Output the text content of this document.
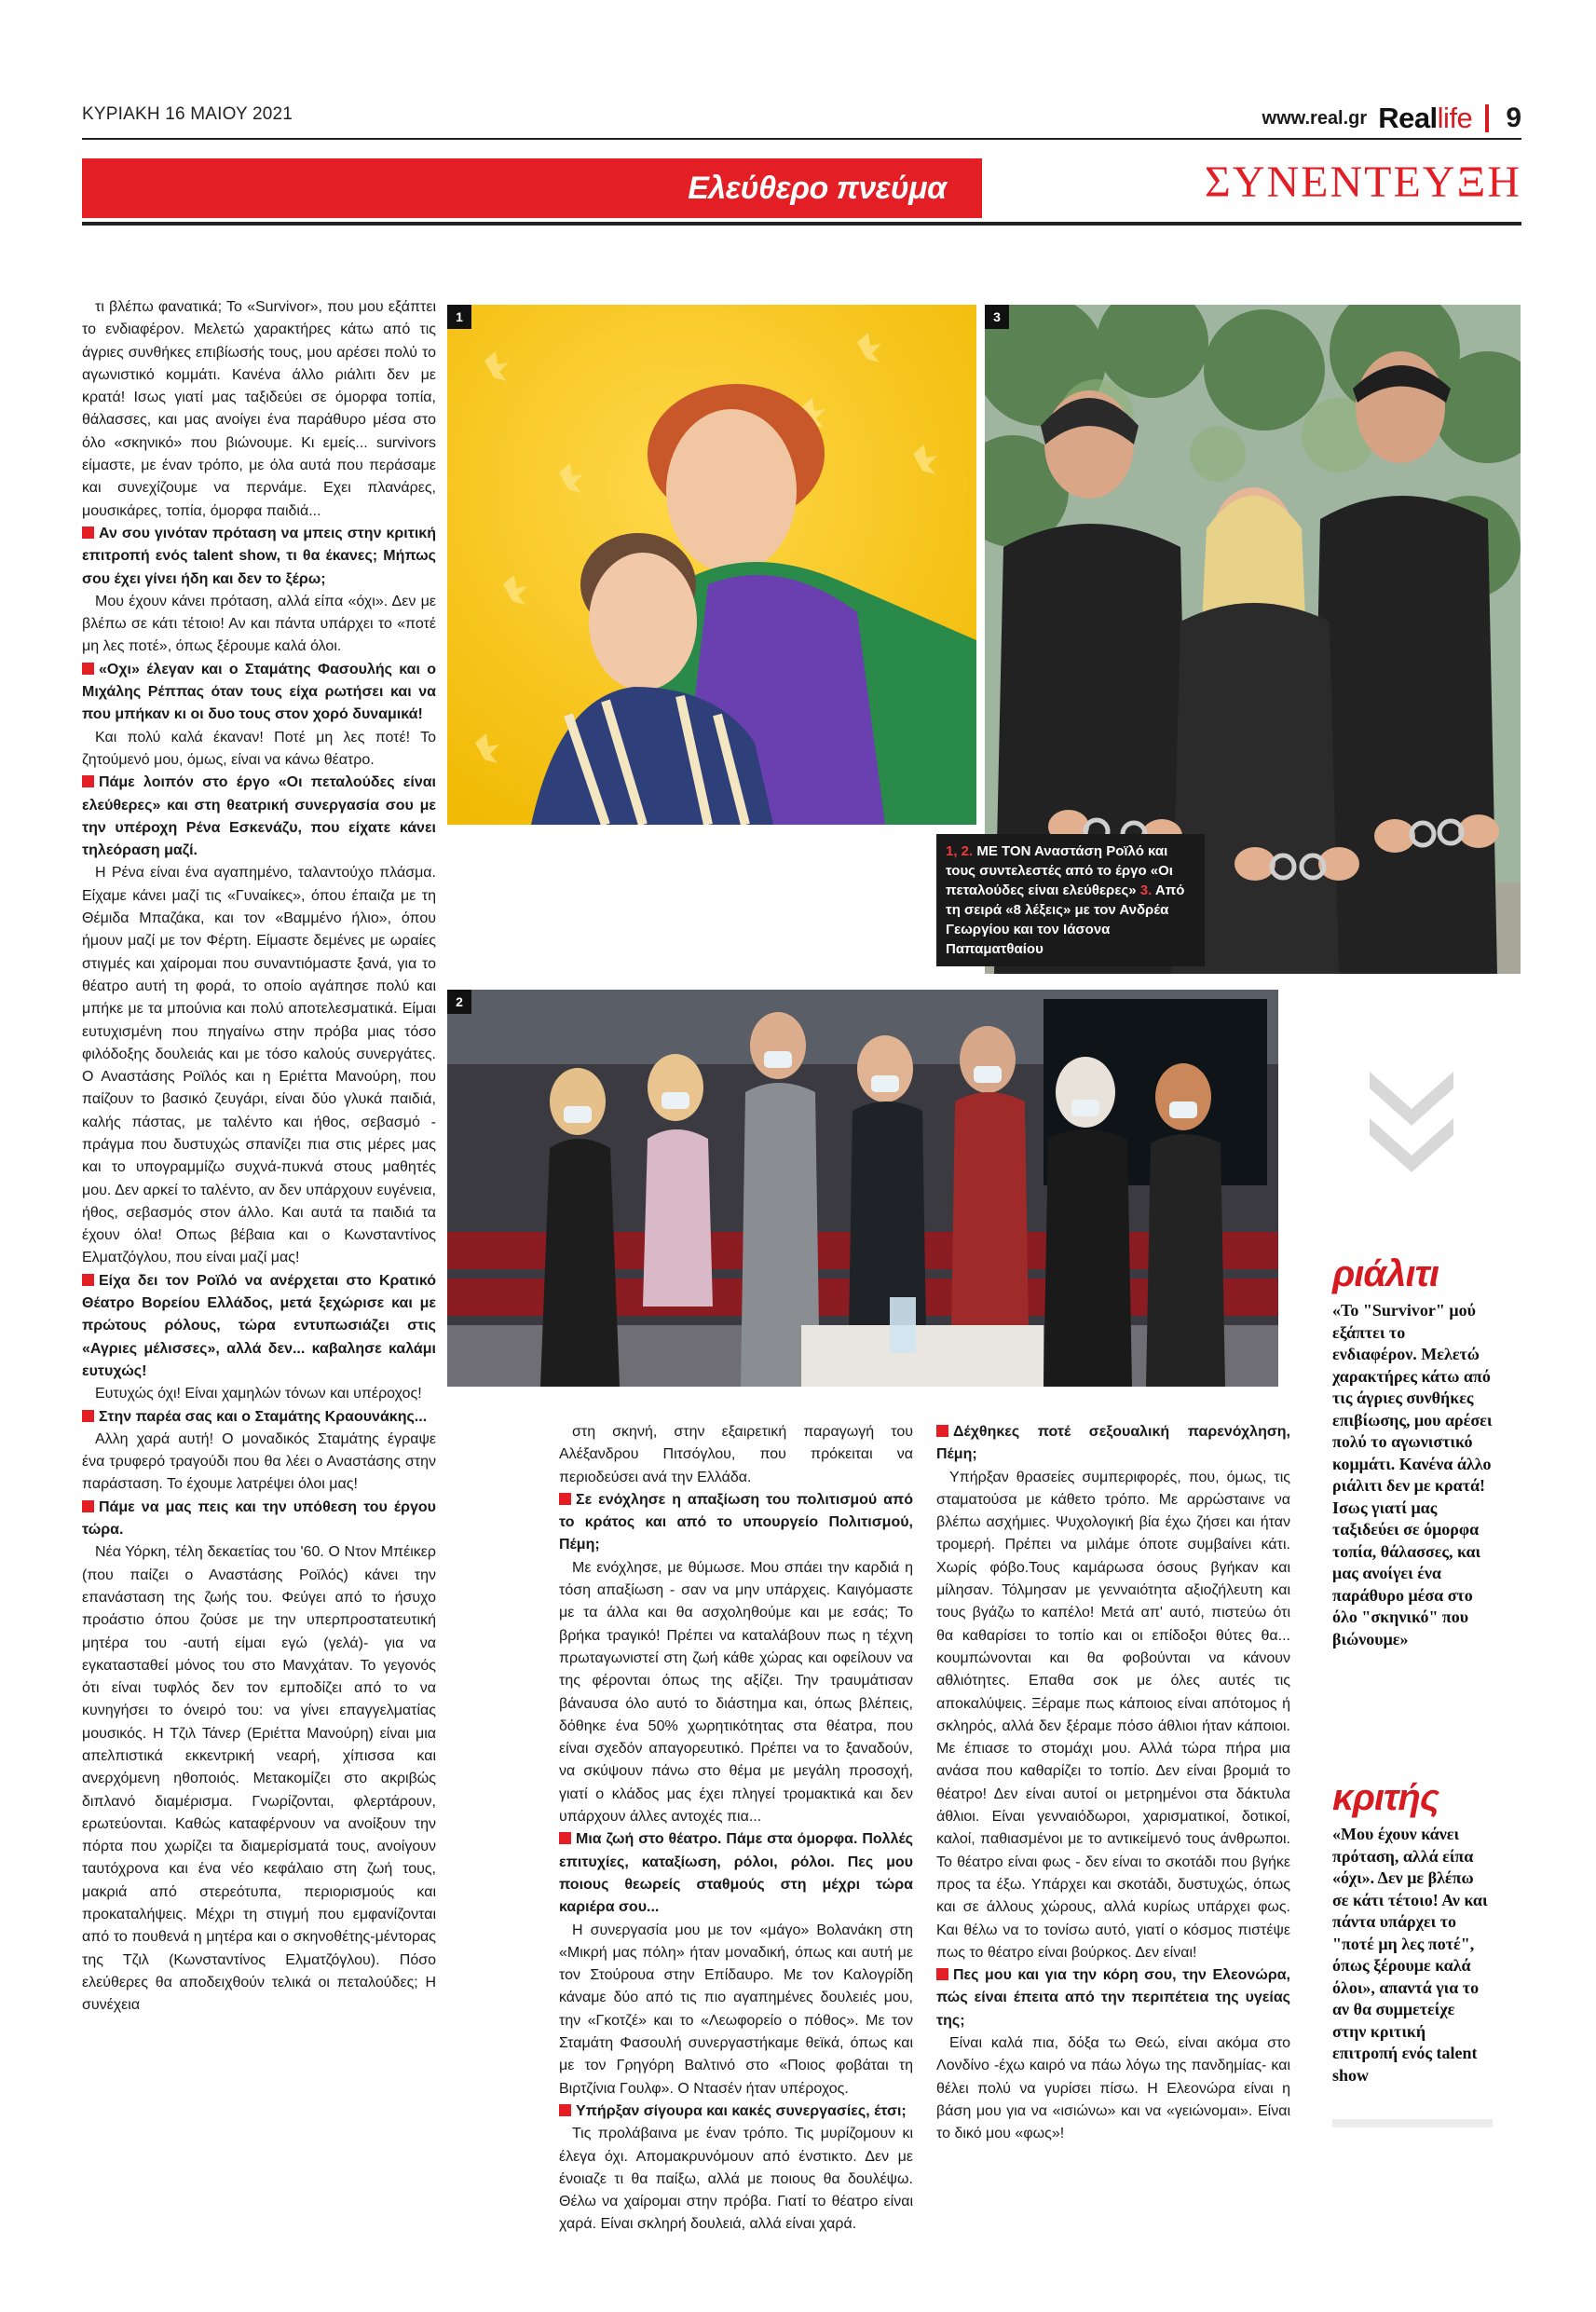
ΚΥΡΙΑΚΗ 16 ΜΑΙΟΥ 2021	www.real.gr Reallife 9
Ελεύθερο πνεύμα	ΣΥΝΕΝΤΕΥΞΗ
1	3
1, 2. ΜΕ ΤΟΝ Αναστάση Ροϊλό και τους συντελεστές από το έργο «Οι πεταλούδες είναι ελεύθερες» 3. Από τη σειρά «8 λέξεις» με τον Ανδρέα Γεωργίου και τον Ιάσονα Παπαματθαίου
2

τι βλέπω φανατικά; Το «Survivor», που μου εξάπτει το ενδιαφέρον. Μελετώ χαρακτήρες κάτω από τις άγριες συνθήκες επιβίωσής τους, μου αρέσει πολύ το αγωνιστικό κομμάτι. Κανένα άλλο ριάλιτι δεν με κρατά! Ισως γιατί μας ταξιδεύει σε όμορφα τοπία, θάλασσες, και μας ανοίγει ένα παράθυρο μέσα στο όλο «σκηνικό» που βιώνουμε. Κι εμείς... survivors είμαστε, με έναν τρόπο, με όλα αυτά που περάσαμε και συνεχίζουμε να περνάμε. Εχει πλανάρες, μουσικάρες, τοπία, όμορφα παιδιά...

Αν σου γινόταν πρόταση να μπεις στην κριτική επιτροπή ενός talent show, τι θα έκανες; Μήπως σου έχει γίνει ήδη και δεν το ξέρω;

Μου έχουν κάνει πρόταση, αλλά είπα «όχι». Δεν με βλέπω σε κάτι τέτοιο! Αν και πάντα υπάρχει το «ποτέ μη λες ποτέ», όπως ξέρουμε καλά όλοι.

«Οχι» έλεγαν και ο Σταμάτης Φασουλής και ο Μιχάλης Ρέππας όταν τους είχα ρωτήσει και να που μπήκαν κι οι δυο τους στον χορό δυναμικά!

Και πολύ καλά έκαναν! Ποτέ μη λες ποτέ! Το ζητούμενό μου, όμως, είναι να κάνω θέατρο.

Πάμε λοιπόν στο έργο «Οι πεταλούδες είναι ελεύθερες» και στη θεατρική συνεργασία σου με την υπέροχη Ρένα Εσκενάζυ, που είχατε κάνει τηλεόραση μαζί.

Η Ρένα είναι ένα αγαπημένο, ταλαντούχο πλάσμα. Είχαμε κάνει μαζί τις «Γυναίκες», όπου έπαιζα με τη Θέμιδα Μπαζάκα, και τον «Βαμμένο ήλιο», όπου ήμουν μαζί με τον Φέρτη. Είμαστε δεμένες με ωραίες στιγμές και χαίρομαι που συναντιόμαστε ξανά, για το θέατρο αυτή τη φορά, το οποίο αγάπησε πολύ και μπήκε με τα μπούνια και πολύ αποτελεσματικά. Είμαι ευτυχισμένη που πηγαίνω στην πρόβα μιας τόσο φιλόδοξης δουλειάς και με τόσο καλούς συνεργάτες. Ο Αναστάσης Ροϊλός και η Εριέττα Μανούρη, που παίζουν το βασικό ζευγάρι, είναι δύο γλυκά παιδιά, καλής πάστας, με ταλέντο και ήθος, σεβασμό - πράγμα που δυστυχώς σπανίζει πια στις μέρες μας και το υπογραμμίζω συχνά-πυκνά στους μαθητές μου. Δεν αρκεί το ταλέντο, αν δεν υπάρχουν ευγένεια, ήθος, σεβασμός στον άλλο. Και αυτά τα παιδιά τα έχουν όλα! Οπως βέβαια και ο Κωνσταντίνος Ελματζόγλου, που είναι μαζί μας!

Είχα δει τον Ροϊλό να ανέρχεται στο Κρατικό Θέατρο Βορείου Ελλάδος, μετά ξεχώρισε και με πρώτους ρόλους, τώρα εντυπωσιάζει στις «Αγριες μέλισσες», αλλά δεν... καβαλησε καλάμι ευτυχώς!

Ευτυχώς όχι! Είναι χαμηλών τόνων και υπέροχος!

Στην παρέα σας και ο Σταμάτης Κραουνάκης...

Αλλη χαρά αυτή! Ο μοναδικός Σταμάτης έγραψε ένα τρυφερό τραγούδι που θα λέει ο Αναστάσης στην παράσταση. Το έχουμε λατρέψει όλοι μας!

Πάμε να μας πεις και την υπόθεση του έργου τώρα.

Νέα Υόρκη, τέλη δεκαετίας του '60. Ο Ντον Μπέικερ (που παίζει ο Αναστάσης Ροϊλός) κάνει την επανάσταση της ζωής του. Φεύγει από το ήσυχο προάστιο όπου ζούσε με την υπερπροστατευτική μητέρα του -αυτή είμαι εγώ (γελά)- για να εγκατασταθεί μόνος του στο Μανχάταν. Το γεγονός ότι είναι τυφλός δεν τον εμποδίζει από το να κυνηγήσει το όνειρό του: να γίνει επαγγελματίας μουσικός. Η Τζιλ Τάνερ (Εριέττα Μανούρη) είναι μια απελπιστικά εκκεντρική νεαρή, χίπισσα και ανερχόμενη ηθοποιός. Μετακομίζει στο ακριβώς διπλανό διαμέρισμα. Γνωρίζονται, φλερτάρουν, ερωτεύονται. Καθώς καταφέρνουν να ανοίξουν την πόρτα που χωρίζει τα διαμερίσματά τους, ανοίγουν ταυτόχρονα και ένα νέο κεφάλαιο στη ζωή τους, μακριά από στερεότυπα, περιορισμούς και προκαταλήψεις. Μέχρι τη στιγμή που εμφανίζονται από το πουθενά η μητέρα και ο σκηνοθέτης-μέντορας της Τζιλ (Κωνσταντίνος Ελματζόγλου). Πόσο ελεύθερες θα αποδειχθούν τελικά οι πεταλούδες; Η συνέχεια

στη σκηνή, στην εξαιρετική παραγωγή του Αλέξανδρου Πιτσόγλου, που πρόκειται να περιοδεύσει ανά την Ελλάδα.

Σε ενόχλησε η απαξίωση του πολιτισμού από το κράτος και από το υπουργείο Πολιτισμού, Πέμη;

Με ενόχλησε, με θύμωσε. Μου σπάει την καρδιά η τόση απαξίωση - σαν να μην υπάρχεις. Καιγόμαστε με τα άλλα και θα ασχοληθούμε και με εσάς; Το βρήκα τραγικό! Πρέπει να καταλάβουν πως η τέχνη πρωταγωνιστεί στη ζωή κάθε χώρας και οφείλουν να της φέρονται όπως της αξίζει. Την τραυμάτισαν βάναυσα όλο αυτό το διάστημα και, όπως βλέπεις, δόθηκε ένα 50% χωρητικότητας στα θέατρα, που είναι σχεδόν απαγορευτικό. Πρέπει να το ξαναδούν, να σκύψουν πάνω στο θέμα με μεγάλη προσοχή, γιατί ο κλάδος μας έχει πληγεί τρομακτικά και δεν υπάρχουν άλλες αντοχές πια...

Μια ζωή στο θέατρο. Πάμε στα όμορφα. Πολλές επιτυχίες, καταξίωση, ρόλοι, ρόλοι. Πες μου ποιους θεωρείς σταθμούς στη μέχρι τώρα καριέρα σου...

Η συνεργασία μου με τον «μάγο» Βολανάκη στη «Μικρή μας πόλη» ήταν μοναδική, όπως και αυτή με τον Στούρουα στην Επίδαυρο. Με τον Καλογρίδη κάναμε δύο από τις πιο αγαπημένες δουλειές μου, την «Γκοτζέ» και το «Λεωφορείο ο πόθος». Με τον Σταμάτη Φασουλή συνεργαστήκαμε θεϊκά, όπως και με τον Γρηγόρη Βαλτινό στο «Ποιος φοβάται τη Βιρτζίνια Γουλφ». Ο Ντασέν ήταν υπέροχος.

Υπήρξαν σίγουρα και κακές συνεργασίες, έτσι;

Τις προλάβαινα με έναν τρόπο. Τις μυρίζομουν κι έλεγα όχι. Απομακρυνόμουν από ένστικτο. Δεν με ένοιαζε τι θα παίξω, αλλά με ποιους θα δουλέψω. Θέλω να χαίρομαι στην πρόβα. Γιατί το θέατρο είναι χαρά. Είναι σκληρή δουλειά, αλλά είναι χαρά.

Δέχθηκες ποτέ σεξουαλική παρενόχληση, Πέμη;

Υπήρξαν θρασείες συμπεριφορές, που, όμως, τις σταματούσα με κάθετο τρόπο. Με αρρώσταινε να βλέπω ασχήμιες. Ψυχολογική βία έχω ζήσει και ήταν τρομερή. Πρέπει να μιλάμε όποτε συμβαίνει κάτι. Χωρίς φόβο.Τους καμάρωσα όσους βγήκαν και μίλησαν. Τόλμησαν με γενναιότητα αξιοζήλευτη και τους βγάζω το καπέλο! Μετά απ' αυτό, πιστεύω ότι θα καθαρίσει το τοπίο και οι επίδοξοι θύτες θα... κουμπώνονται και θα φοβούνται να κάνουν αθλιότητες. Επαθα σοκ με όλες αυτές τις αποκαλύψεις. Ξέραμε πως κάποιος είναι απότομος ή σκληρός, αλλά δεν ξέραμε πόσο άθλιοι ήταν κάποιοι. Με έπιασε το στομάχι μου. Αλλά τώρα πήρα μια ανάσα που καθαρίζει το τοπίο. Δεν είναι βρομιά το θέατρο! Δεν είναι αυτοί οι μετρημένοι στα δάκτυλα άθλιοι. Είναι γενναιόδωροι, χαρισματικοί, δοτικοί, καλοί, παθιασμένοι με το αντικείμενό τους άνθρωποι. Το θέατρο είναι φως - δεν είναι το σκοτάδι που βγήκε προς τα έξω. Υπάρχει και σκοτάδι, δυστυχώς, όπως και σε άλλους χώρους, αλλά κυρίως υπάρχει φως. Και θέλω να το τονίσω αυτό, γιατί ο κόσμος πιστέψε πως το θέατρο είναι βούρκος. Δεν είναι!

Πες μου και για την κόρη σου, την Ελεονώρα, πώς είναι έπειτα από την περιπέτεια της υγείας της;

Είναι καλά πια, δόξα τω Θεώ, είναι ακόμα στο Λονδίνο -έχω καιρό να πάω λόγω της πανδημίας- και θέλει πολύ να γυρίσει πίσω. Η Ελεονώρα είναι η βάση μου για να «ισιώνω» και να «γειώνομαι». Είναι το δικό μου «φως»!

ριάλιτι
«Το "Survivor" μού εξάπτει το ενδιαφέρον. Μελετώ χαρακτήρες κάτω από τις άγριες συνθήκες επιβίωσης, μου αρέσει πολύ το αγωνιστικό κομμάτι. Κανένα άλλο ριάλιτι δεν με κρατά! Ισως γιατί μας ταξιδεύει σε όμορφα τοπία, θάλασσες, και μας ανοίγει ένα παράθυρο μέσα στο όλο "σκηνικό" που βιώνουμε»
κριτής
«Μου έχουν κάνει πρόταση, αλλά είπα «όχι». Δεν με βλέπω σε κάτι τέτοιο! Αν και πάντα υπάρχει το "ποτέ μη λες ποτέ", όπως ξέρουμε καλά όλοι», απαντά για το αν θα συμμετείχε στην κριτική επιτροπή ενός talent show
